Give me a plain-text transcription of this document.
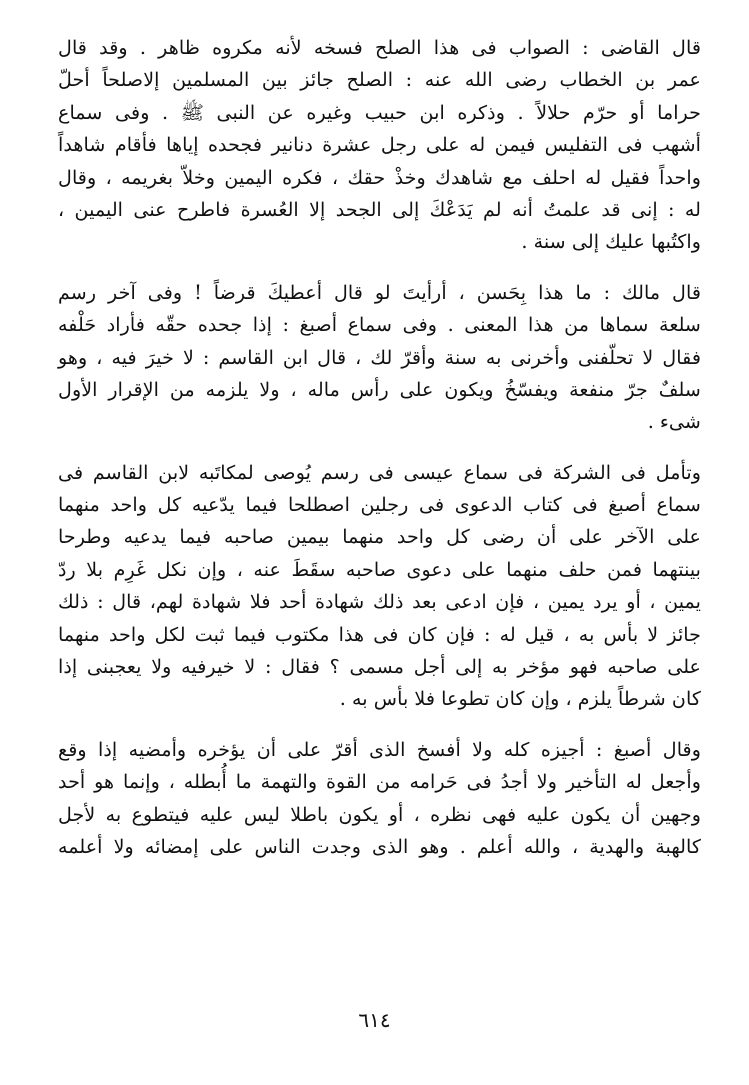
قال القاضى : الصواب فى هذا الصلح فسخه لأنه مكروه ظاهر . وقد قال
عمر بن الخطاب رضى الله عنه : الصلح جائز بين المسلمين إلاصلحاً أحلّ
حراما أو حرّم حلالاً . وذكره ابن حبيب وغيره عن النبى ﷺ . وفى سماع
أشهب فى التفليس فيمن له على رجل عشرة دنانير فجحده إياها فأقام شاهداً
واحداً فقيل له احلف مع شاهدك وخذْ حقك ، فكره اليمين وخلاّ بغريمه ، وقال
له : إنى قد علمتُ أنه لم يَدَعْكَ إلى الجحد إلا العُسرة فاطرح عنى اليمين ،
واكتُبها عليك إلى سنة .

قال مالك : ما هذا بِحَسن ، أرأيتَ لو قال أعطيكَ قرضاً ! وفى آخر رسم
سلعة سماها من هذا المعنى . وفى سماع أصبغ : إذا جحده حقّه فأراد حَلْفه
فقال لا تحلّفنى وأخرنى به سنة وأقرّ لك ، قال ابن القاسم : لا خيرَ فيه ، وهو
سلفٌ جرّ منفعة ويفسّخُ ويكون على رأس ماله ، ولا يلزمه من الإقرار الأول
شىء .

وتأمل فى الشركة فى سماع عيسى فى رسم يُوصى لمكاتَبه لابن القاسم فى
سماع أصبغ فى كتاب الدعوى فى رجلين اصطلحا فيما يدّعيه كل واحد منهما
على الآخر على أن رضى كل واحد منهما بيمين صاحبه فيما يدعيه وطرحا
بينتهما فمن حلف منهما على دعوى صاحبه سقَطَ عنه ، وإن نكل غَرِم بلا ردّ
يمين ، أو يرد يمين ، فإن ادعى بعد ذلك شهادة أحد فلا شهادة لهم، قال : ذلك
جائز لا بأس به ، قيل له : فإن كان فى هذا مكتوب فيما ثبت لكل واحد منهما
على صاحبه فهو مؤخر به إلى أجل مسمى ؟ فقال : لا خيرفيه ولا يعجبنى إذا
كان شرطاً يلزم ، وإن كان تطوعا فلا بأس به .

وقال أصبغ : أجيزه كله ولا أفسخ الذى أقرّ على أن يؤخره وأمضيه إذا وقع
وأجعل له التأخير ولا أجدُ فى حَرامه من القوة والتهمة ما أُبطله ، وإنما هو أحد
وجهين أن يكون عليه فهى نظره ، أو يكون باطلا ليس عليه فيتطوع به لأجل
كالهبة والهدية ، والله أعلم . وهو الذى وجدت الناس على إمضائه ولا أعلمه

٦١٤
